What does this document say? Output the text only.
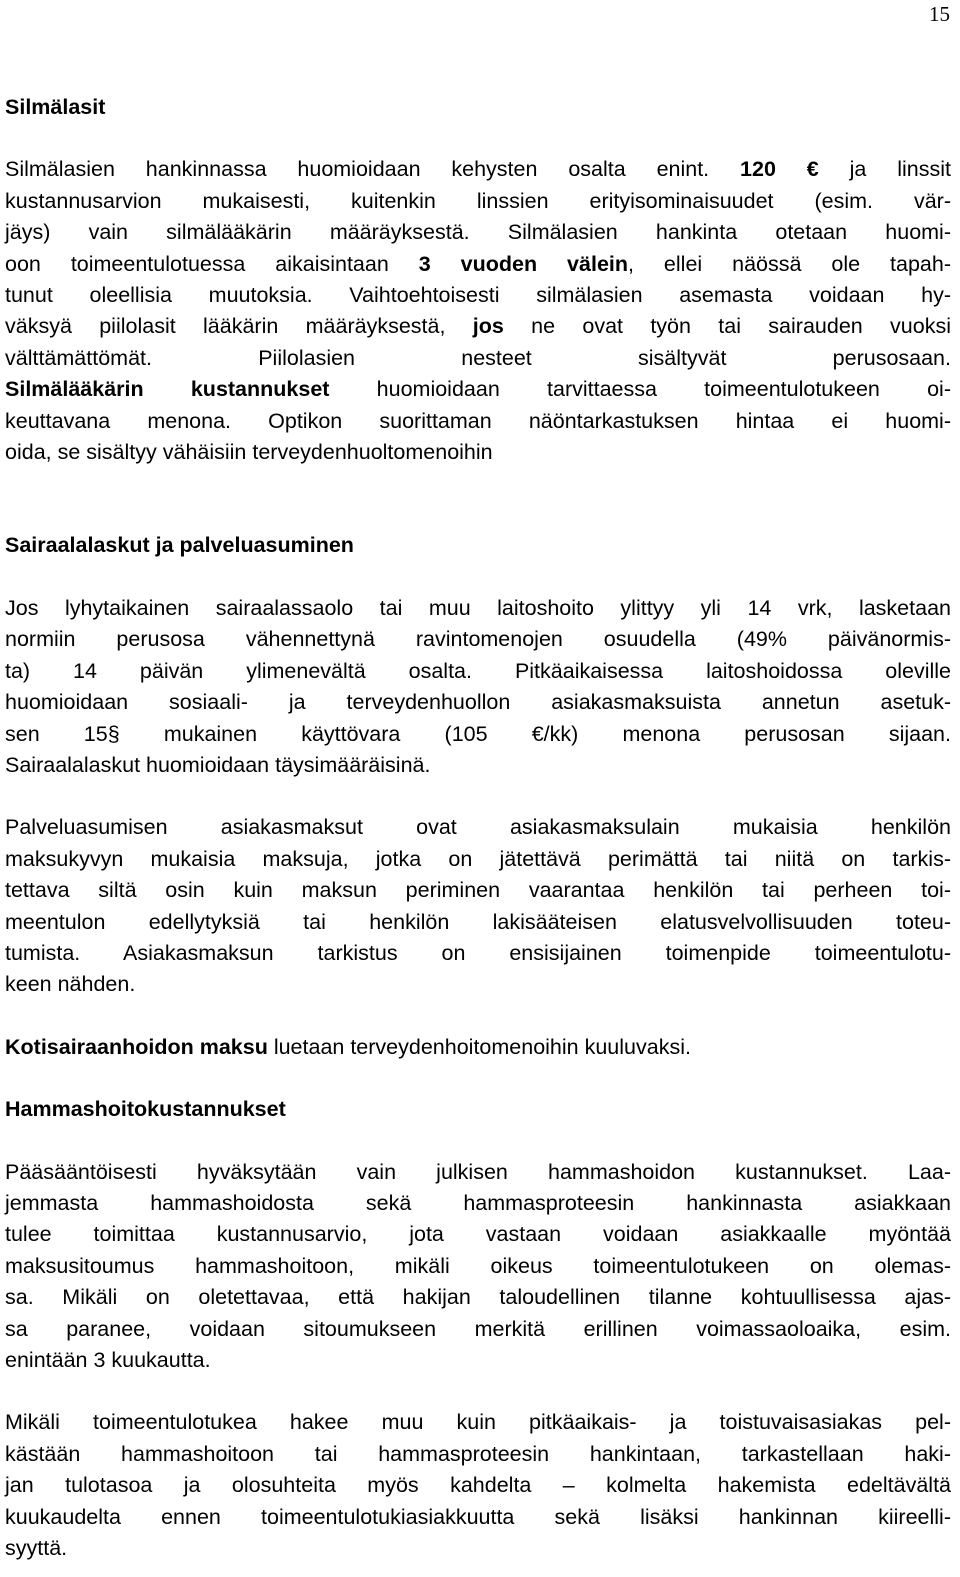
15
Silmälasit

Silmälasien hankinnassa huomioidaan kehysten osalta enint. 120 € ja linssit
kustannusarvion mukaisesti, kuitenkin linssien erityisominaisuudet (esim. vär-
jäys) vain silmälääkärin määräyksestä. Silmälasien hankinta otetaan huomi-
oon toimeentulotuessa aikaisintaan 3 vuoden välein, ellei näössä ole tapah-
tunut oleellisia muutoksia. Vaihtoehtoisesti silmälasien asemasta voidaan hy-
väksyä piilolasit lääkärin määräyksestä, jos ne ovat työn tai sairauden vuoksi
välttämättömät. Piilolasien nesteet sisältyvät perusosaan.
Silmälääkärin kustannukset huomioidaan tarvittaessa toimeentulotukeen oi-
keuttavana menona. Optikon suorittaman näöntarkastuksen hintaa ei huomi-
oida, se sisältyy vähäisiin terveydenhuoltomenoihin

Sairaalalaskut ja palveluasuminen

Jos lyhytaikainen sairaalassaolo tai muu laitoshoito ylittyy yli 14 vrk, lasketaan
normiin perusosa vähennettynä ravintomenojen osuudella (49% päivänormis-
ta) 14 päivän ylimenevältä osalta. Pitkäaikaisessa laitoshoidossa oleville
huomioidaan sosiaali- ja terveydenhuollon asiakasmaksuista annetun asetuk-
sen 15§ mukainen käyttövara (105 €/kk) menona perusosan sijaan.
Sairaalalaskut huomioidaan täysimääräisinä.

Palveluasumisen asiakasmaksut ovat asiakasmaksulain mukaisia henkilön
maksukyvyn mukaisia maksuja, jotka on jätettävä perimättä tai niitä on tarkis-
tettava siltä osin kuin maksun periminen vaarantaa henkilön tai perheen toi-
meentulon edellytyksiä tai henkilön lakisääteisen elatusvelvollisuuden toteu-
tumista. Asiakasmaksun tarkistus on ensisijainen toimenpide toimeentulotu-
keen nähden.

Kotisairaanhoidon maksu luetaan terveydenhoitomenoihin kuuluvaksi.

Hammashoitokustannukset

Pääsääntöisesti hyväksytään vain julkisen hammashoidon kustannukset. Laa-
jemmasta hammashoidosta sekä hammasproteesin hankinnasta asiakkaan
tulee toimittaa kustannusarvio, jota vastaan voidaan asiakkaalle myöntää
maksusitoumus hammashoitoon, mikäli oikeus toimeentulotukeen on olemas-
sa. Mikäli on oletettavaa, että hakijan taloudellinen tilanne kohtuullisessa ajas-
sa paranee, voidaan sitoumukseen merkitä erillinen voimassaoloaika, esim.
enintään 3 kuukautta.

Mikäli toimeentulotukea hakee muu kuin pitkäaikais- ja toistuvaisasiakas pel-
kästään hammashoitoon tai hammasproteesin hankintaan, tarkastellaan haki-
jan tulotasoa ja olosuhteita myös kahdelta – kolmelta hakemista edeltävältä
kuukaudelta ennen toimeentulotukiasiakkuutta sekä lisäksi hankinnan kiireelli-
syyttä.
